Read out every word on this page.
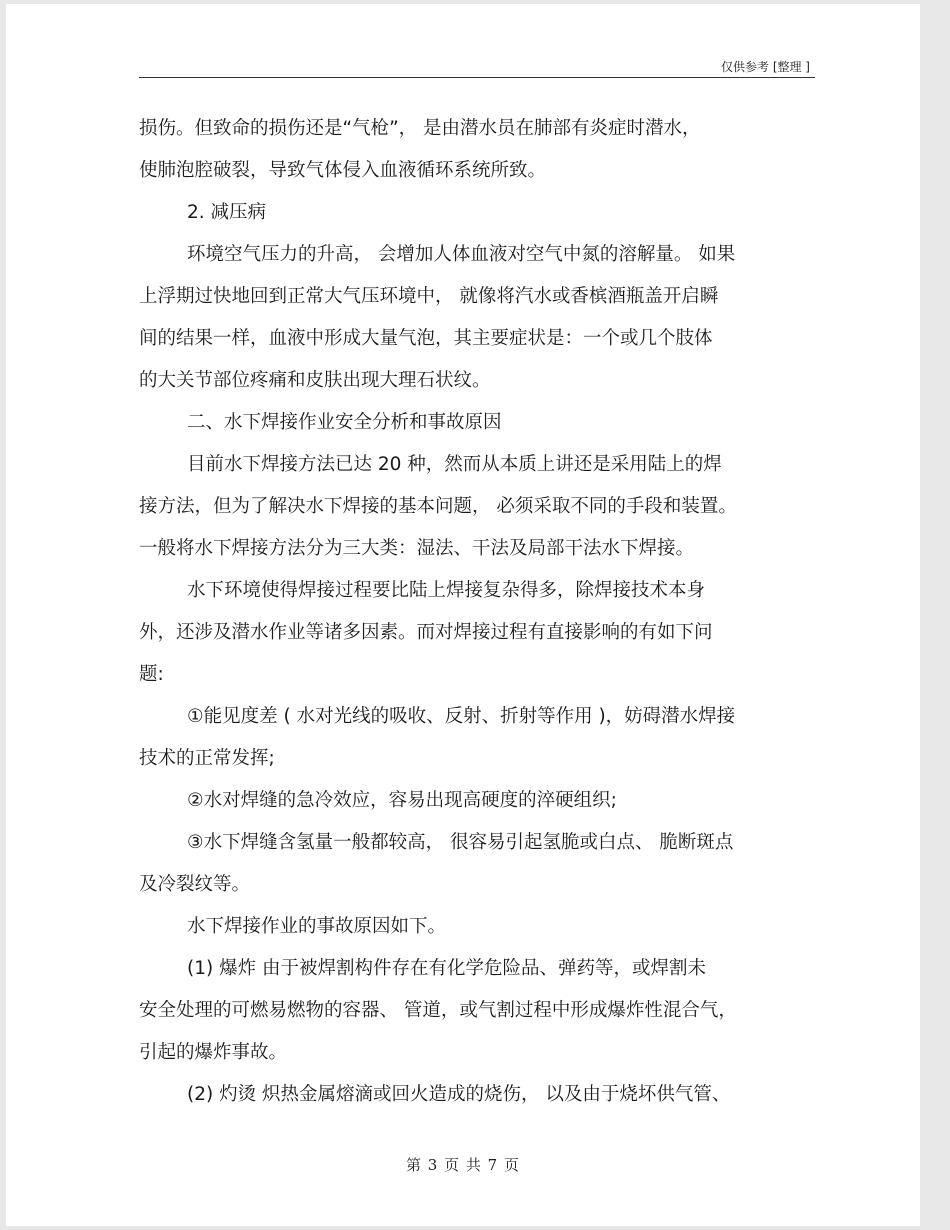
仅供参考 [整理 ]
损伤。但致命的损伤还是“气枪”， 是由潜水员在肺部有炎症时潜水，
使肺泡腔破裂，导致气体侵入血液循环系统所致。
2. 减压病
环境空气压力的升高， 会增加人体血液对空气中氮的溶解量。 如果
上浮期过快地回到正常大气压环境中， 就像将汽水或香槟酒瓶盖开启瞬
间的结果一样，血液中形成大量气泡，其主要症状是：一个或几个肢体
的大关节部位疼痛和皮肤出现大理石状纹。
二、水下焊接作业安全分析和事故原因
目前水下焊接方法已达 20 种，然而从本质上讲还是采用陆上的焊
接方法，但为了解决水下焊接的基本问题， 必须采取不同的手段和装置。
一般将水下焊接方法分为三大类：湿法、干法及局部干法水下焊接。
水下环境使得焊接过程要比陆上焊接复杂得多，除焊接技术本身
外，还涉及潜水作业等诸多因素。而对焊接过程有直接影响的有如下问
题:
①能见度差 ( 水对光线的吸收、反射、折射等作用 )，妨碍潜水焊接
技术的正常发挥;
②水对焊缝的急冷效应，容易出现高硬度的淬硬组织;
③水下焊缝含氢量一般都较高， 很容易引起氢脆或白点、 脆断斑点
及冷裂纹等。
水下焊接作业的事故原因如下。
(1) 爆炸 由于被焊割构件存在有化学危险品、弹药等，或焊割未
安全处理的可燃易燃物的容器、 管道，或气割过程中形成爆炸性混合气，
引起的爆炸事故。
(2) 灼烫 炽热金属熔滴或回火造成的烧伤， 以及由于烧坏供气管、
第 3 页 共 7 页
